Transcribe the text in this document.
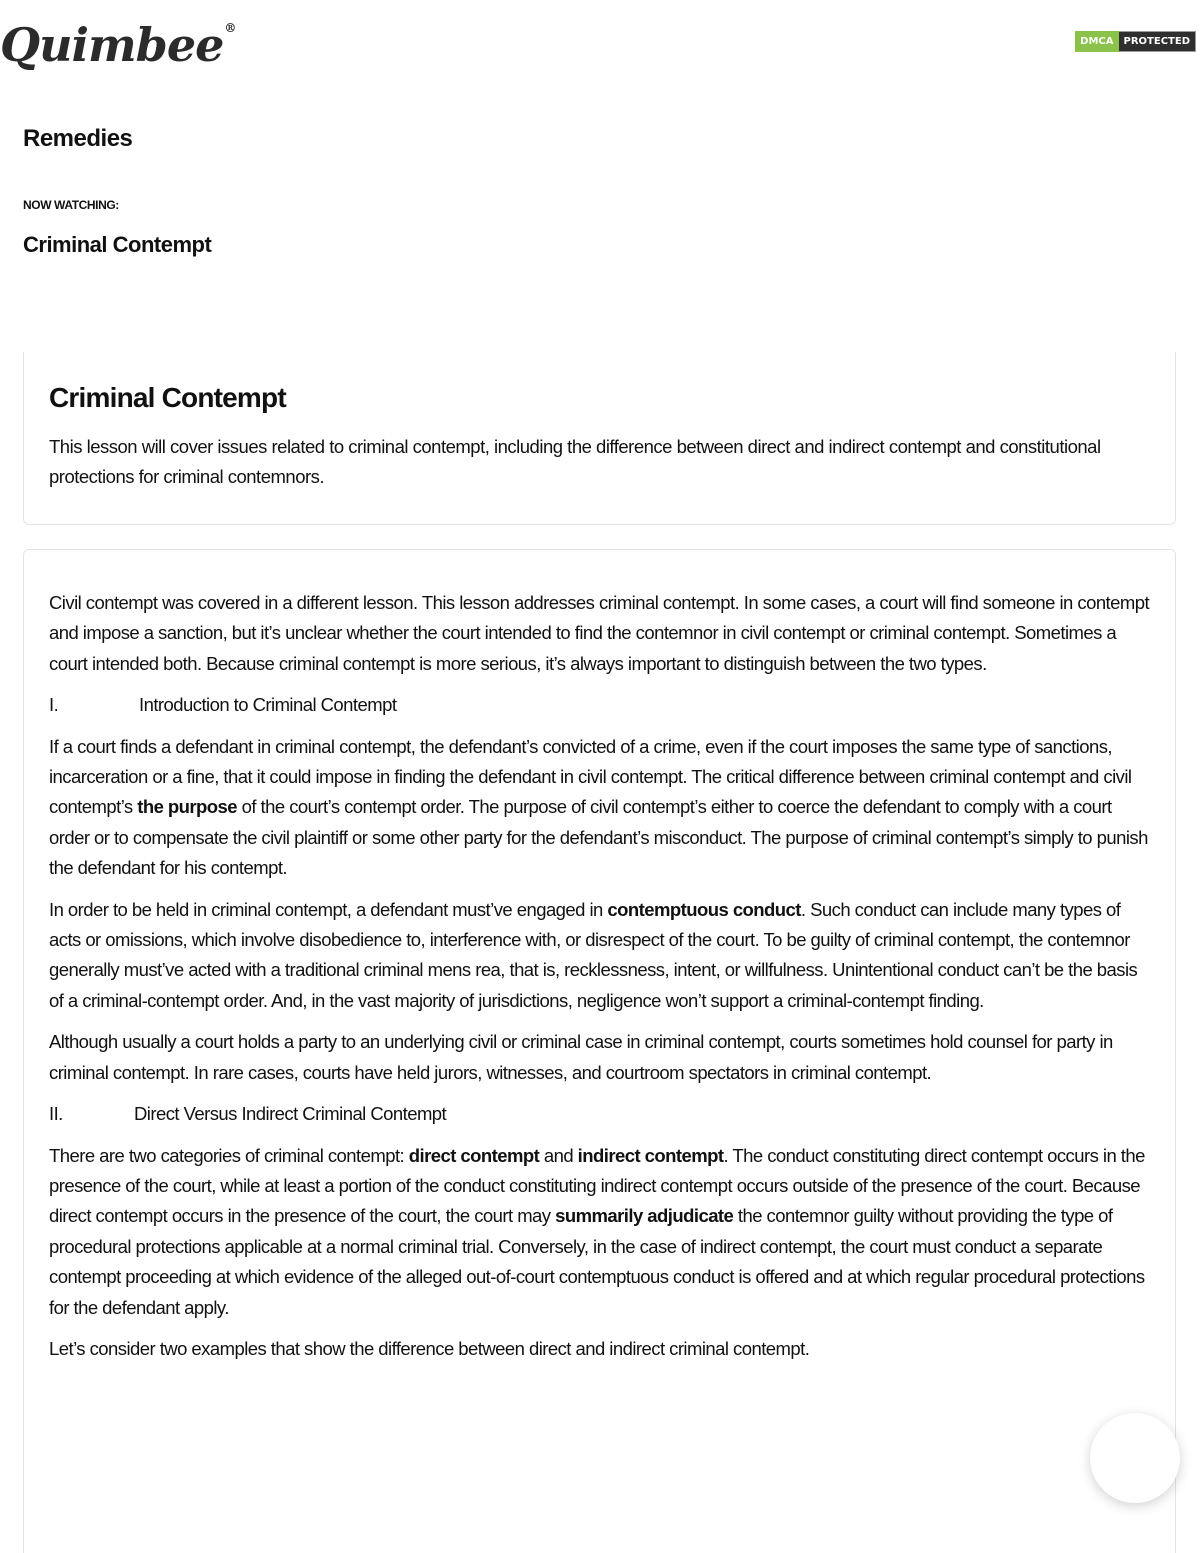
Quimbee®
DMCA	PROTECTED
Remedies
NOW WATCHING:
Criminal Contempt
Criminal Contempt

This lesson will cover issues related to criminal contempt, including the difference between direct and indirect contempt and constitutional protections for criminal contemnors.

Civil contempt was covered in a different lesson. This lesson addresses criminal contempt. In some cases, a court will find someone in contempt and impose a sanction, but it’s unclear whether the court intended to find the contemnor in civil contempt or criminal contempt. Sometimes a court intended both. Because criminal contempt is more serious, it’s always important to distinguish between the two types.

I.	Introduction to Criminal Contempt

If a court finds a defendant in criminal contempt, the defendant’s convicted of a crime, even if the court imposes the same type of sanctions, incarceration or a fine, that it could impose in finding the defendant in civil contempt. The critical difference between criminal contempt and civil contempt’s the purpose of the court’s contempt order. The purpose of civil contempt’s either to coerce the defendant to comply with a court order or to compensate the civil plaintiff or some other party for the defendant’s misconduct. The purpose of criminal contempt’s simply to punish the defendant for his contempt.

In order to be held in criminal contempt, a defendant must’ve engaged in contemptuous conduct. Such conduct can include many types of acts or omissions, which involve disobedience to, interference with, or disrespect of the court. To be guilty of criminal contempt, the contemnor generally must’ve acted with a traditional criminal mens rea, that is, recklessness, intent, or willfulness. Unintentional conduct can’t be the basis of a criminal-contempt order. And, in the vast majority of jurisdictions, negligence won’t support a criminal-contempt finding.

Although usually a court holds a party to an underlying civil or criminal case in criminal contempt, courts sometimes hold counsel for party in criminal contempt. In rare cases, courts have held jurors, witnesses, and courtroom spectators in criminal contempt.

II.	Direct Versus Indirect Criminal Contempt

There are two categories of criminal contempt: direct contempt and indirect contempt. The conduct constituting direct contempt occurs in the presence of the court, while at least a portion of the conduct constituting indirect contempt occurs outside of the presence of the court. Because direct contempt occurs in the presence of the court, the court may summarily adjudicate the contemnor guilty without providing the type of procedural protections applicable at a normal criminal trial. Conversely, in the case of indirect contempt, the court must conduct a separate contempt proceeding at which evidence of the alleged out-of-court contemptuous conduct is offered and at which regular procedural protections for the defendant apply.

Let’s consider two examples that show the difference between direct and indirect criminal contempt.
